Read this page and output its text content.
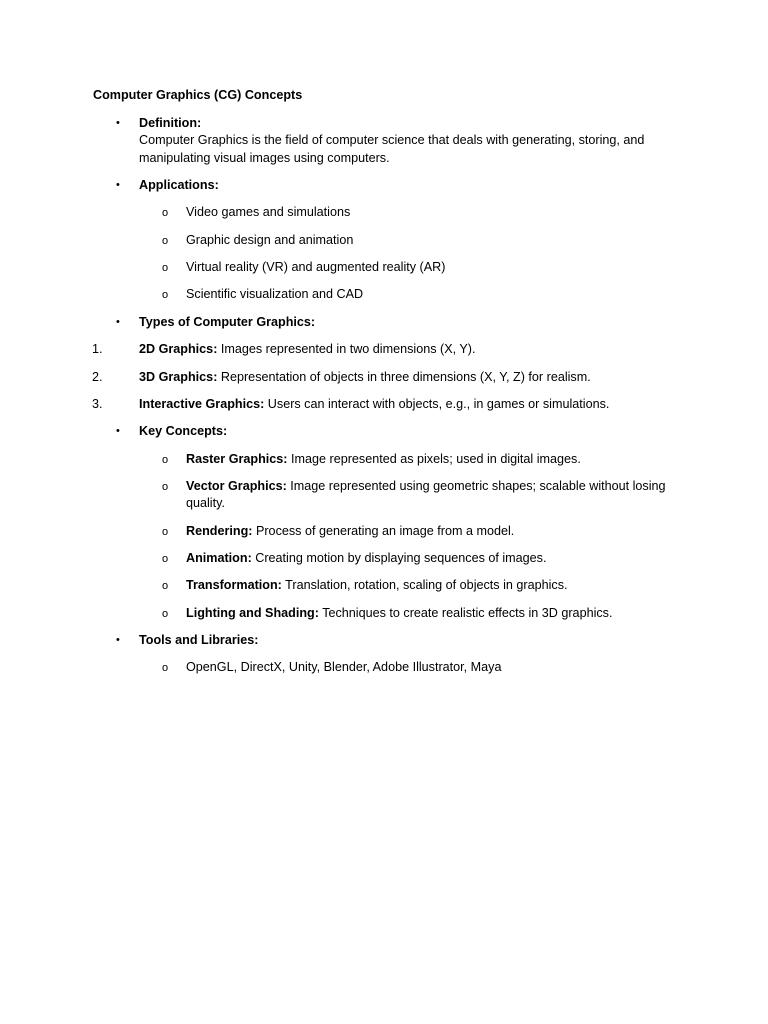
Computer Graphics (CG) Concepts
• Definition:
Computer Graphics is the field of computer science that deals with generating, storing, and
manipulating visual images using computers.
• Applications:
o Video games and simulations
o Graphic design and animation
o Virtual reality (VR) and augmented reality (AR)
o Scientific visualization and CAD
• Types of Computer Graphics:
1.	2D Graphics: Images represented in two dimensions (X, Y).
2.	3D Graphics: Representation of objects in three dimensions (X, Y, Z) for realism.
3.	Interactive Graphics: Users can interact with objects, e.g., in games or simulations.
• Key Concepts:
o Raster Graphics: Image represented as pixels; used in digital images.
o Vector Graphics: Image represented using geometric shapes; scalable without losing
quality.
o Rendering: Process of generating an image from a model.
o Animation: Creating motion by displaying sequences of images.
o Transformation: Translation, rotation, scaling of objects in graphics.
o Lighting and Shading: Techniques to create realistic effects in 3D graphics.
• Tools and Libraries:
o OpenGL, DirectX, Unity, Blender, Adobe Illustrator, Maya
